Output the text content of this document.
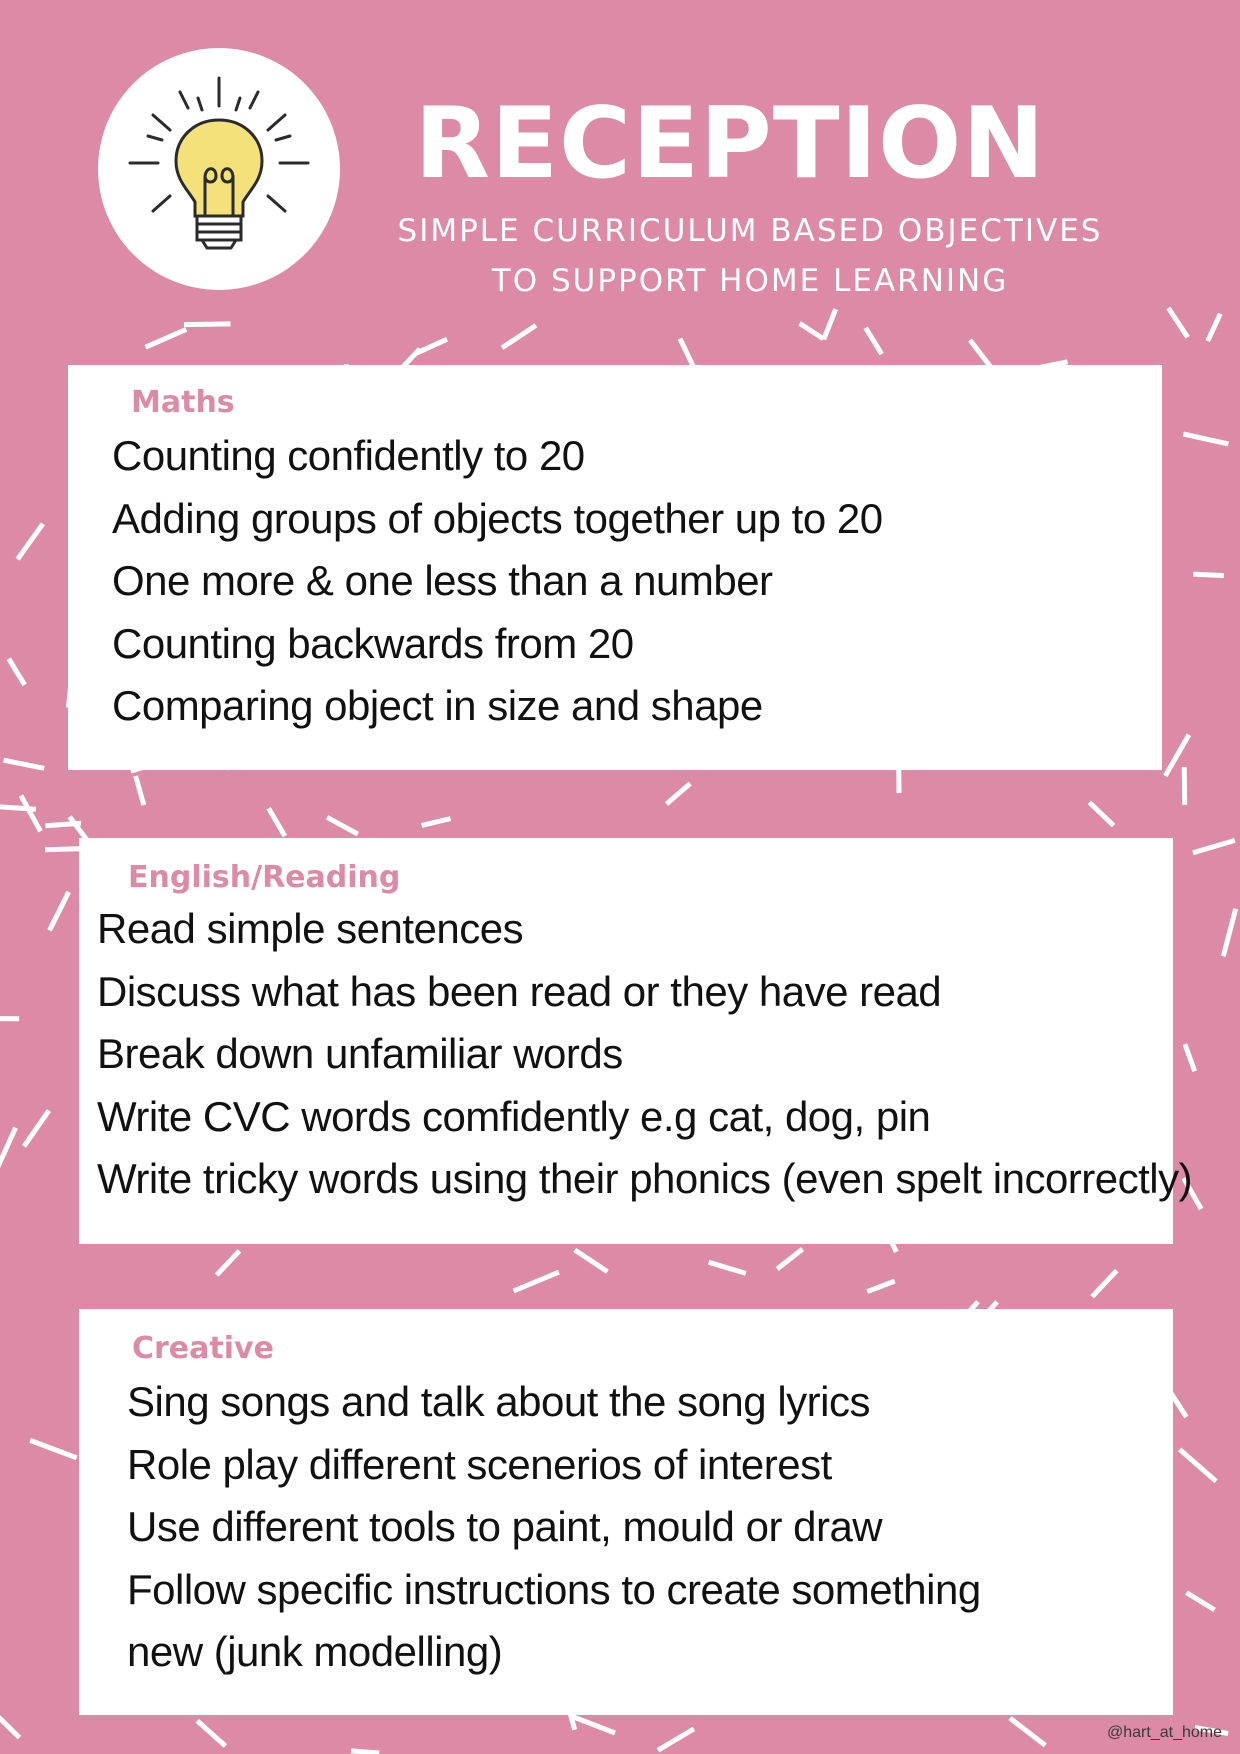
RECEPTION
SIMPLE CURRICULUM BASED OBJECTIVES
TO SUPPORT HOME LEARNING
Maths
Counting confidently to 20
Adding groups of objects together up to 20
One more & one less than a number
Counting backwards from 20
Comparing object in size and shape
English/Reading
Read simple sentences
Discuss what has been read or they have read
Break down unfamiliar words
Write CVC words comfidently e.g cat, dog, pin
Write tricky words using their phonics (even spelt incorrectly)
Creative
Sing songs and talk about the song lyrics
Role play different scenerios of interest
Use different tools to paint, mould or draw
Follow specific instructions to create something
new (junk modelling)
@hart_at_home
